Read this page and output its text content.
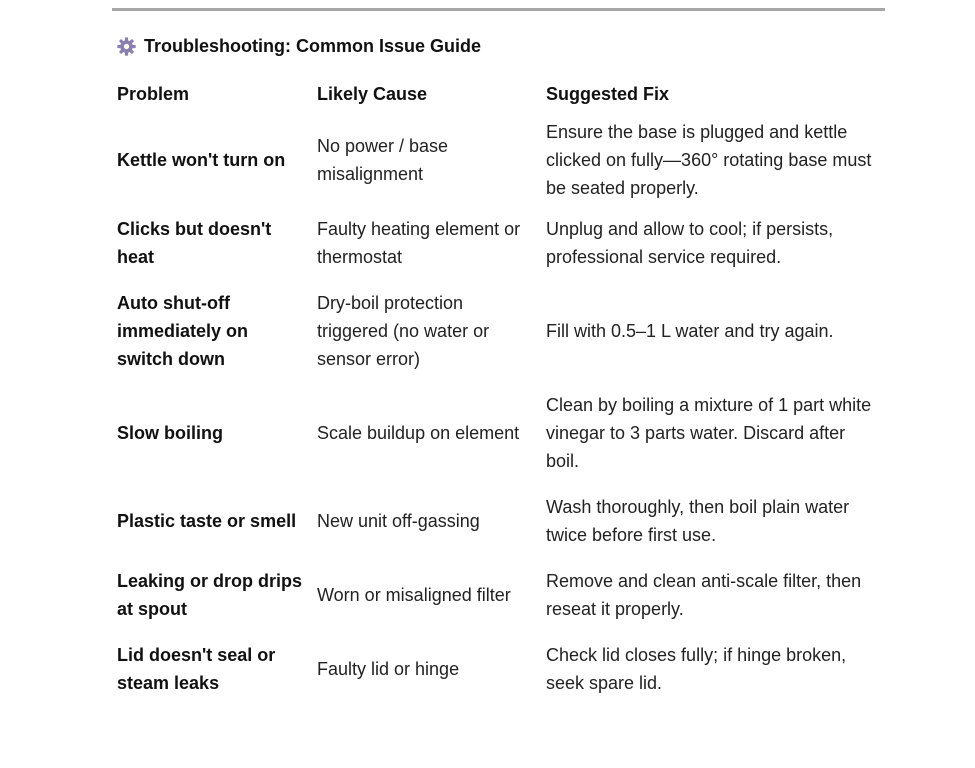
Troubleshooting: Common Issue Guide
Problem	Likely Cause	Suggested Fix
Kettle won't turn on	No power / base misalignment	Ensure the base is plugged and kettle clicked on fully—360° rotating base must be seated properly.
Clicks but doesn't heat	Faulty heating element or thermostat	Unplug and allow to cool; if persists, professional service required.
Auto shut-off immediately on switch down	Dry-boil protection triggered (no water or sensor error)	Fill with 0.5–1 L water and try again.
Slow boiling	Scale buildup on element	Clean by boiling a mixture of 1 part white vinegar to 3 parts water. Discard after boil.
Plastic taste or smell	New unit off-gassing	Wash thoroughly, then boil plain water twice before first use.
Leaking or drop drips at spout	Worn or misaligned filter	Remove and clean anti-scale filter, then reseat it properly.
Lid doesn't seal or steam leaks	Faulty lid or hinge	Check lid closes fully; if hinge broken, seek spare lid.
